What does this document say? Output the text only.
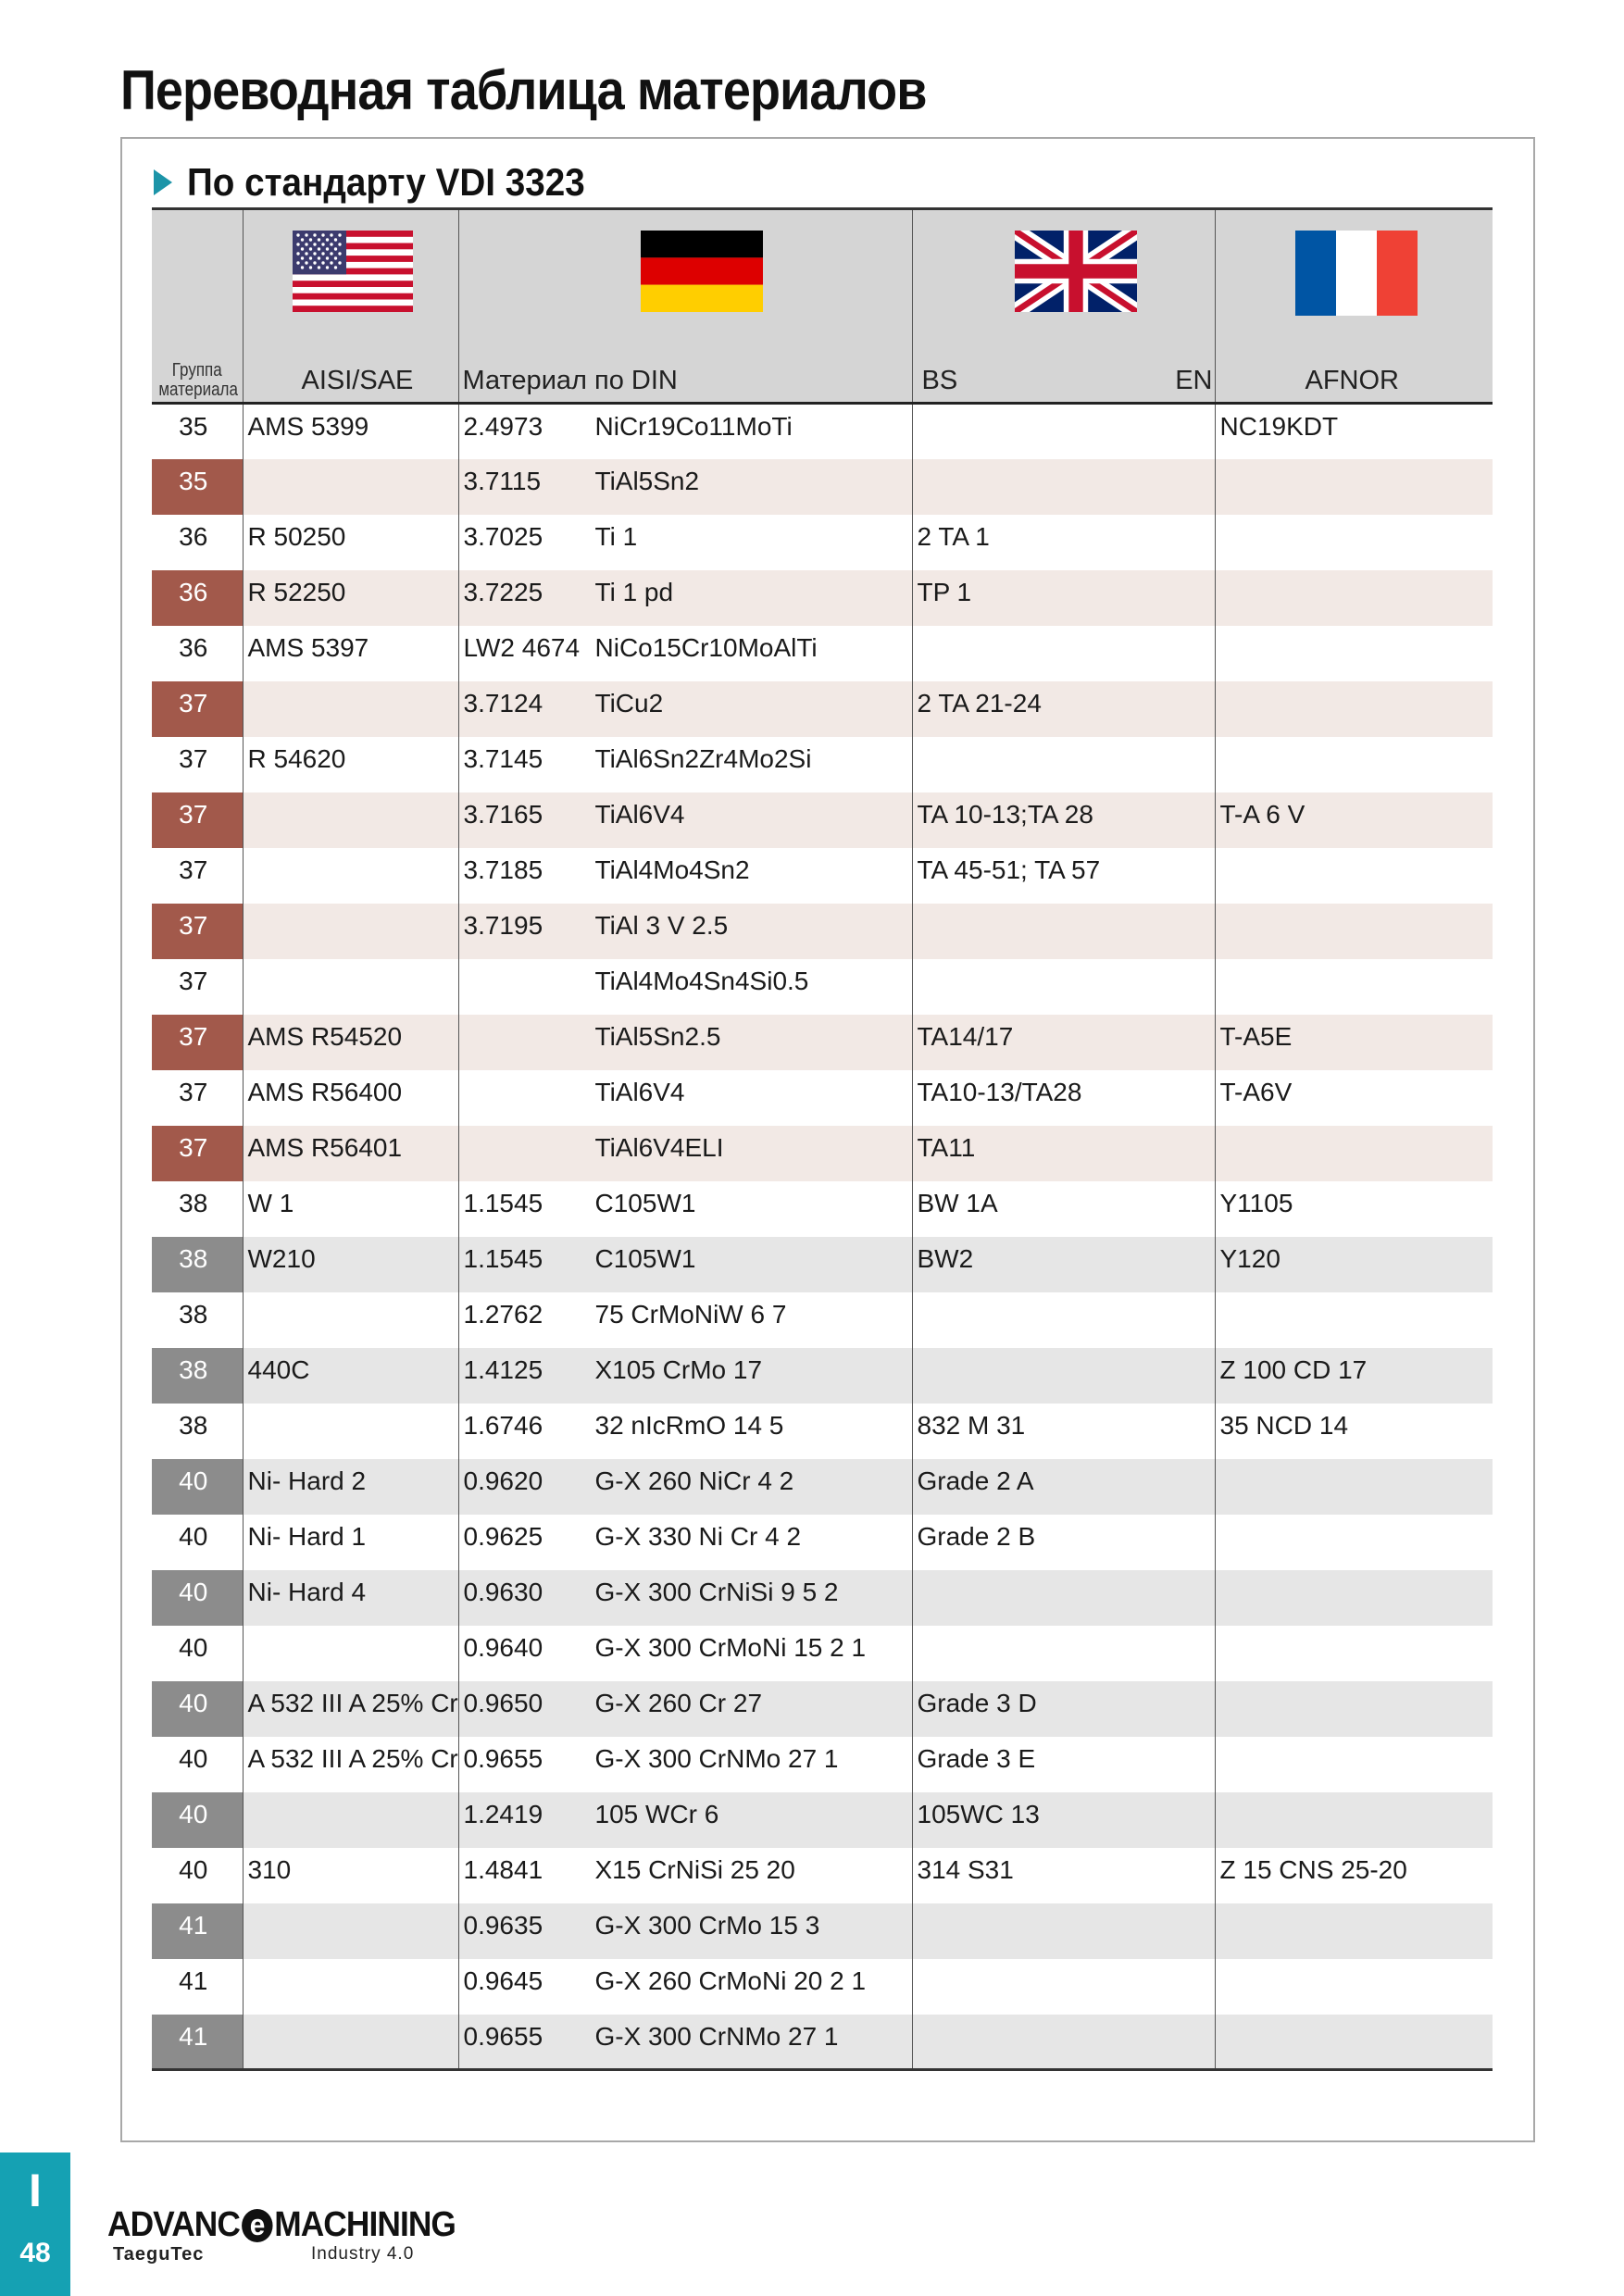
Переводная таблица материалов
По стандарту VDI 3323
Группа материала	AISI/SAE	Материал по DIN	BS EN	AFNOR

35	AMS 5399	2.4973 NiCr19Co11MoTi		NC19KDT
35		3.7115 TiAl5Sn2		

36	R 50250	3.7025 Ti 1	2 TA 1	
36	R 52250	3.7225 Ti 1 pd	TP 1	
36	AMS 5397	LW2 4674 NiCo15Cr10MoAlTi		

37		3.7124 TiCu2	2 TA 21-24	
37	R 54620	3.7145 TiAl6Sn2Zr4Mo2Si		

37		3.7165 TiAl6V4	TA 10-13;TA 28	T-A 6 V
37		3.7185 TiAl4Mo4Sn2	TA 45-51; TA 57	
37		3.7195 TiAl 3 V 2.5		

37		TiAl4Mo4Sn4Si0.5		

37	AMS R54520	TiAl5Sn2.5	TA14/17	T-A5E
37	AMS R56400	TiAl6V4	TA10-13/TA28	T-A6V
37	AMS R56401	TiAl6V4ELI	TA11	
38	W 1	1.1545 C105W1	BW 1A	Y1105
38	W210	1.1545 C105W1	BW2	Y120
38		1.2762 75 CrMoNiW 6 7		

38	440C	1.4125 X105 CrMo 17		Z 100 CD 17
38		1.6746 32 nIcRmO 14 5	832 M 31	35 NCD 14
40	Ni- Hard 2	0.9620 G-X 260 NiCr 4 2	Grade 2 A	
40	Ni- Hard 1	0.9625 G-X 330 Ni Cr 4 2	Grade 2 B	
40	Ni- Hard 4	0.9630 G-X 300 CrNiSi 9 5 2		

40		0.9640 G-X 300 CrMoNi 15 2 1		

40	A 532 III A 25% Cr	0.9650 G-X 260 Cr 27	Grade 3 D	
40	A 532 III A 25% Cr	0.9655 G-X 300 CrNMo 27 1	Grade 3 E	
40		1.2419 105 WCr 6	105WC 13	
40	310	1.4841 X15 CrNiSi 25 20	314 S31	Z 15 CNS 25-20
41		0.9635 G-X 300 CrMo 15 3		

41		0.9645 G-X 260 CrMoNi 20 2 1		

41		0.9655 G-X 300 CrNMo 27 1		

I
48
ADVANC e MACHINING
TaeguTec	Industry 4.0
